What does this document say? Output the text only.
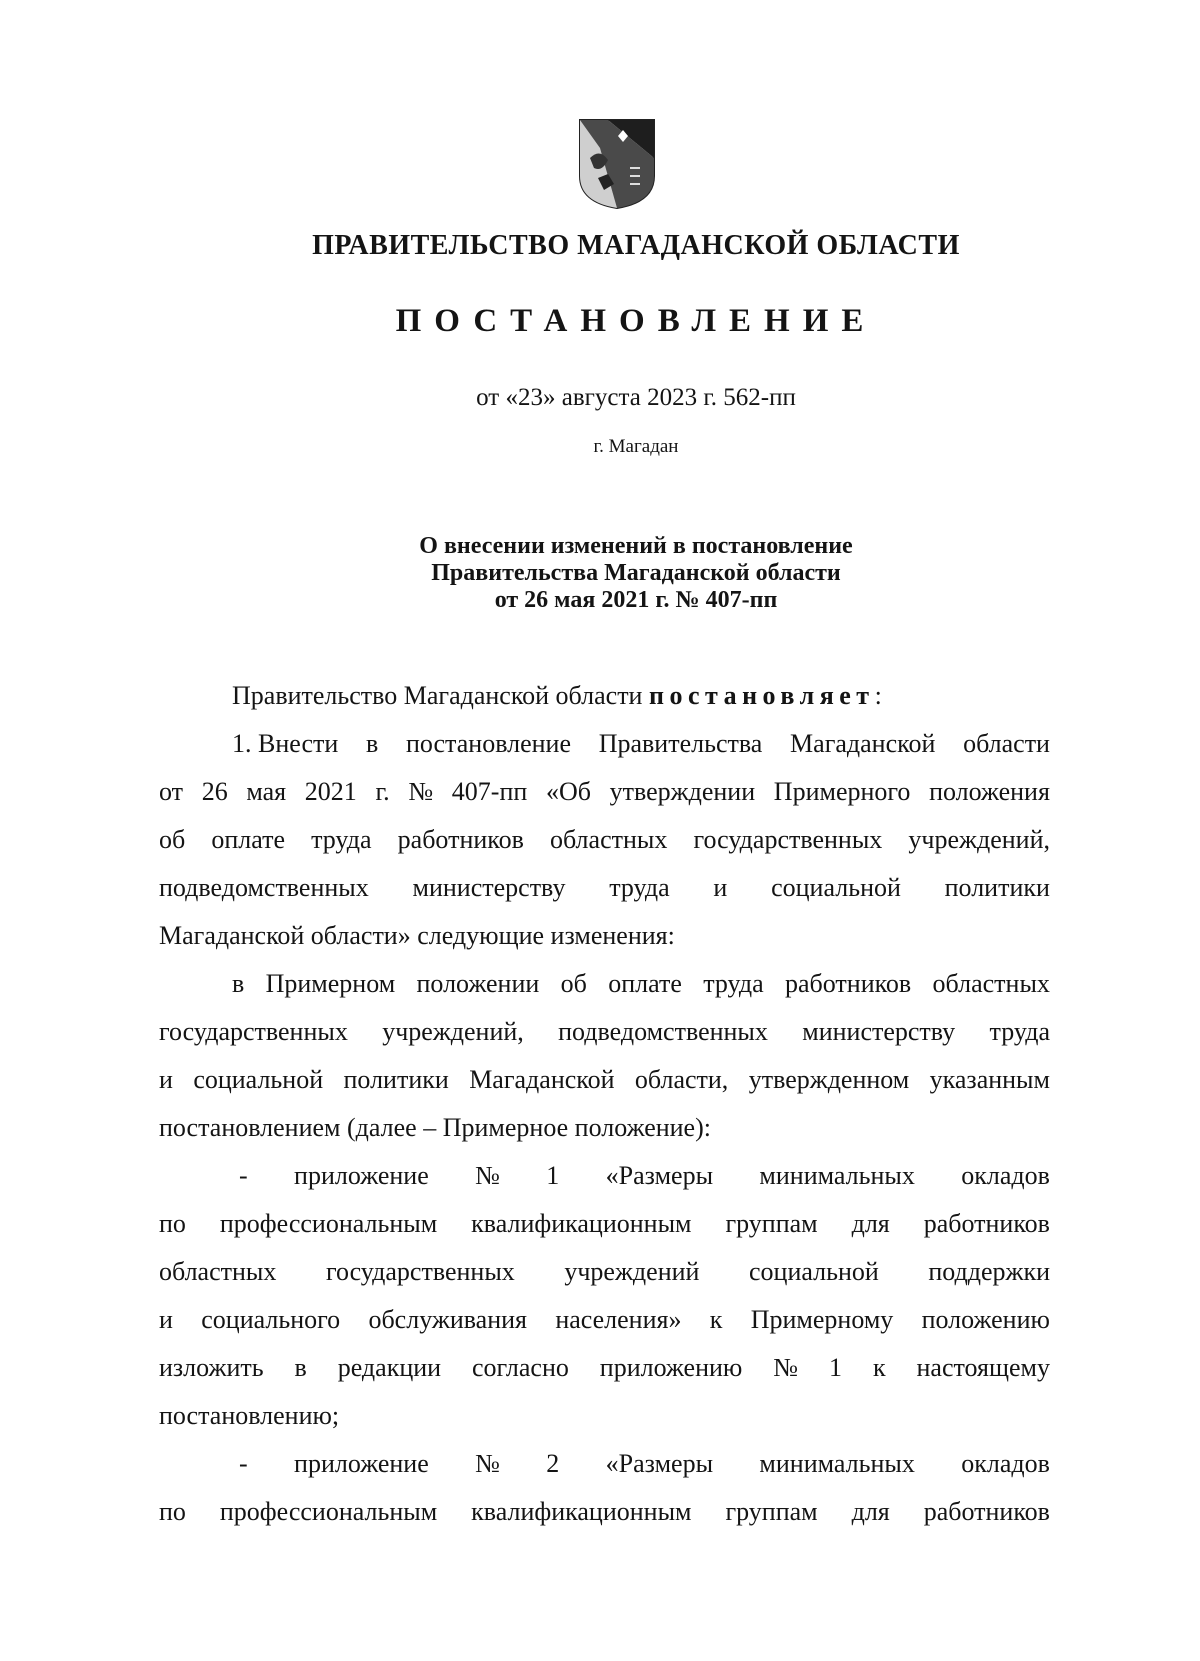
ПРАВИТЕЛЬСТВО МАГАДАНСКОЙ ОБЛАСТИ
ПОСТАНОВЛЕНИЕ
от «23» августа 2023 г. 562-пп
г. Магадан
О внесении изменений в постановление
Правительства Магаданской области
от 26 мая 2021 г. № 407-пп
Правительство Магаданской области постановляет:
1. Внести в постановление Правительства Магаданской области
от 26 мая 2021 г. № 407-пп «Об утверждении Примерного положения
об оплате труда работников областных государственных учреждений,
подведомственных министерству труда и социальной политики
Магаданской области» следующие изменения:
в Примерном положении об оплате труда работников областных
государственных учреждений, подведомственных министерству труда
и социальной политики Магаданской области, утвержденном указанным
постановлением (далее – Примерное положение):
- приложение № 1 «Размеры минимальных окладов
по профессиональным квалификационным группам для работников
областных государственных учреждений социальной поддержки
и социального обслуживания населения» к Примерному положению
изложить в редакции согласно приложению № 1 к настоящему
постановлению;
- приложение № 2 «Размеры минимальных окладов
по профессиональным квалификационным группам для работников
